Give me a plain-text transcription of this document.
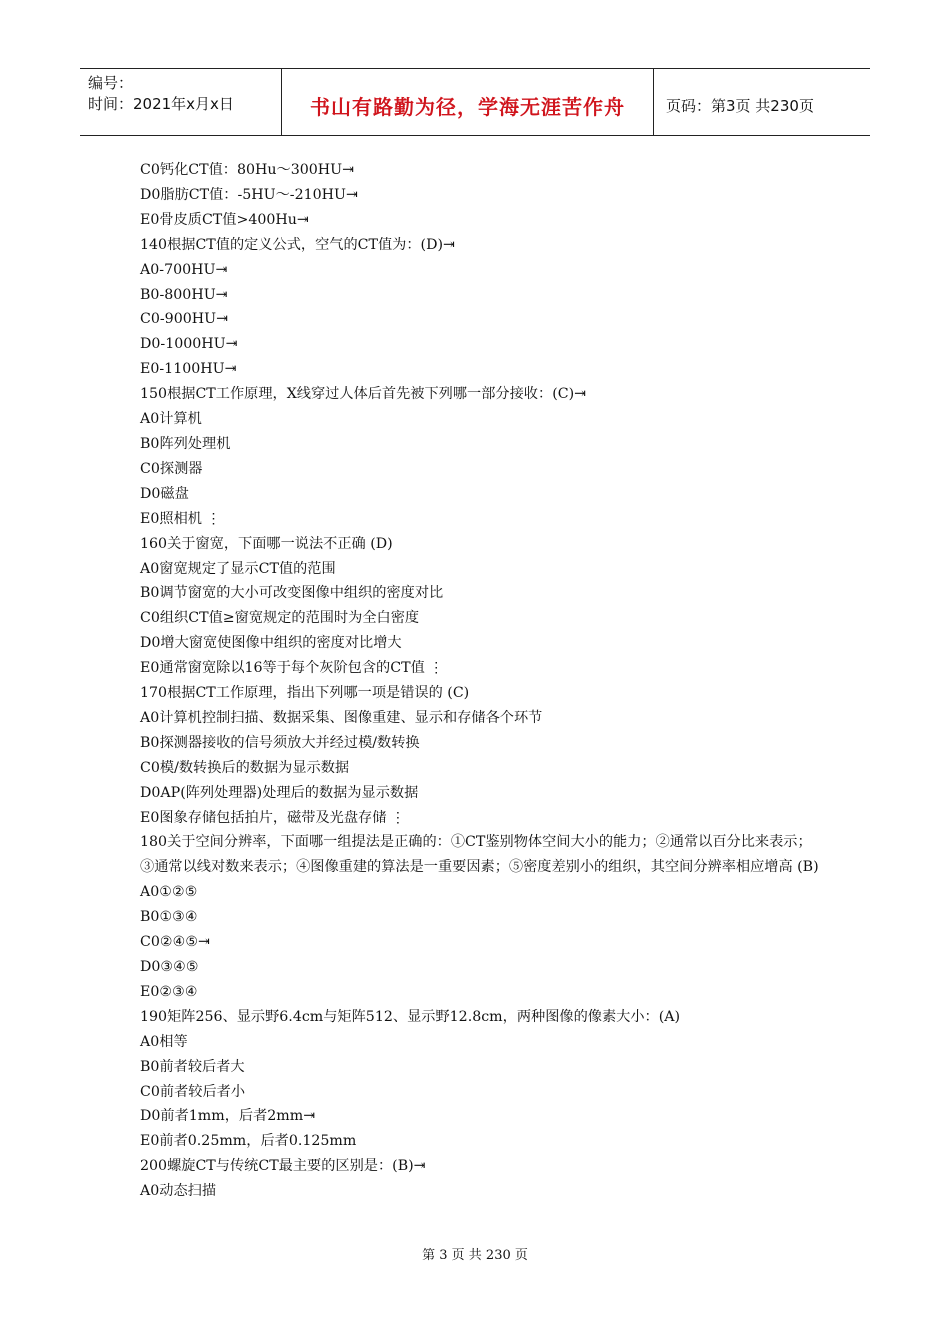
编号：
时间：2021年x月x日	书山有路勤为径，学海无涯苦作舟	页码：第3页 共230页
C0钙化CT值：80Hu～300HU⇥
D0脂肪CT值：-5HU～-210HU⇥
E0骨皮质CT值>400Hu⇥
140根据CT值的定义公式，空气的CT值为：(D)⇥
A0-700HU⇥
B0-800HU⇥
C0-900HU⇥
D0-1000HU⇥
E0-1100HU⇥
150根据CT工作原理，X线穿过人体后首先被下列哪一部分接收：(C)⇥
A0计算机
B0阵列处理机
C0探测器
D0磁盘
E0照相机 ⋮
160关于窗宽，下面哪一说法不正确 (D)
A0窗宽规定了显示CT值的范围
B0调节窗宽的大小可改变图像中组织的密度对比
C0组织CT值≥窗宽规定的范围时为全白密度
D0增大窗宽使图像中组织的密度对比增大
E0通常窗宽除以16等于每个灰阶包含的CT值 ⋮
170根据CT工作原理，指出下列哪一项是错误的 (C)
A0计算机控制扫描、数据采集、图像重建、显示和存储各个环节
B0探测器接收的信号须放大并经过模/数转换
C0模/数转换后的数据为显示数据
D0AP(阵列处理器)处理后的数据为显示数据
E0图象存储包括拍片，磁带及光盘存储 ⋮
180关于空间分辨率，下面哪一组提法是正确的：①CT鉴别物体空间大小的能力；②通常以百分比来表示；③通常以线对数来表示；④图像重建的算法是一重要因素；⑤密度差别小的组织，其空间分辨率相应增高 (B)
A0①②⑤
B0①③④
C0②④⑤⇥
D0③④⑤
E0②③④
190矩阵256、显示野6.4cm与矩阵512、显示野12.8cm，两种图像的像素大小：(A)
A0相等
B0前者较后者大
C0前者较后者小
D0前者1mm，后者2mm⇥
E0前者0.25mm，后者0.125mm
200螺旋CT与传统CT最主要的区别是：(B)⇥
A0动态扫描
第 3 页 共 230 页
